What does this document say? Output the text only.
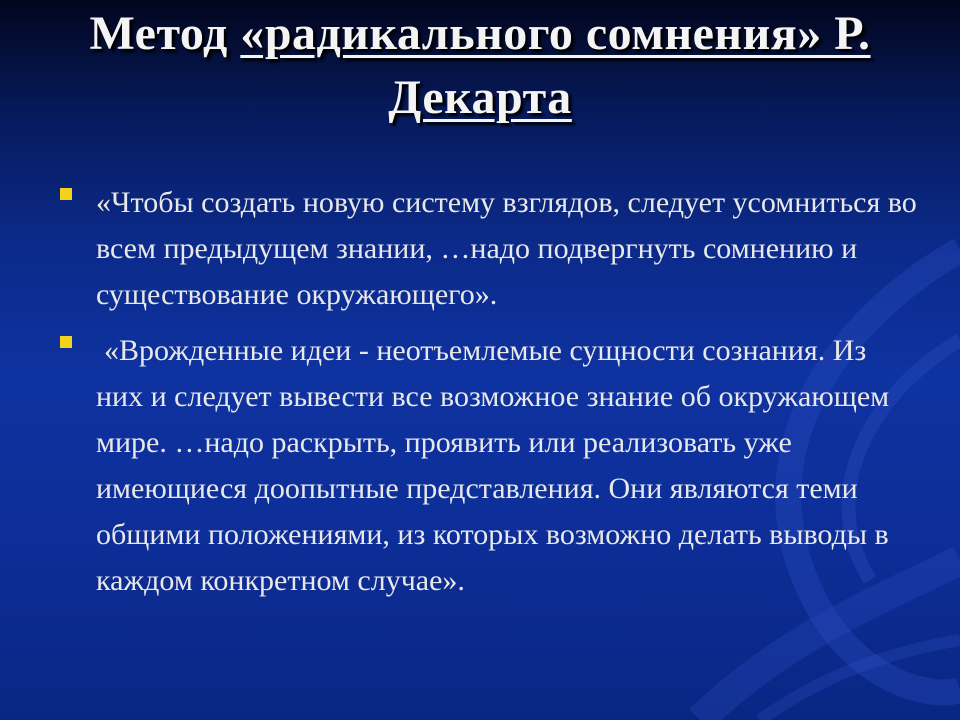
Метод «радикального сомнения» Р. Декарта
«Чтобы создать новую систему взглядов, следует усомниться во всем предыдущем знании, …надо подвергнуть сомнению и существование окружающего».
«Врожденные идеи - неотъемлемые сущности сознания. Из них и следует вывести все возможное знание об окружающем мире. …надо раскрыть, проявить или реализовать уже имеющиеся доопытные представления. Они являются теми общими положениями, из которых возможно делать выводы в каждом конкретном случае».
